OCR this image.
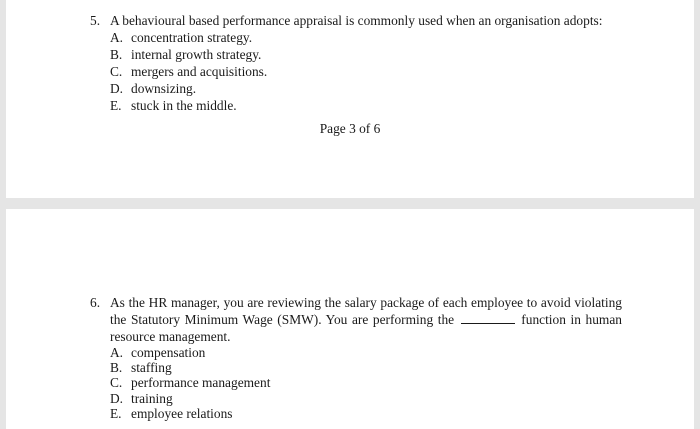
5. A behavioural based performance appraisal is commonly used when an organisation adopts:
A. concentration strategy.
B. internal growth strategy.
C. mergers and acquisitions.
D. downsizing.
E. stuck in the middle.
Page 3 of 6
6. As the HR manager, you are reviewing the salary package of each employee to avoid violating the Statutory Minimum Wage (SMW). You are performing the	function in human resource management.
A. compensation
B. staffing
C. performance management
D. training
E. employee relations
